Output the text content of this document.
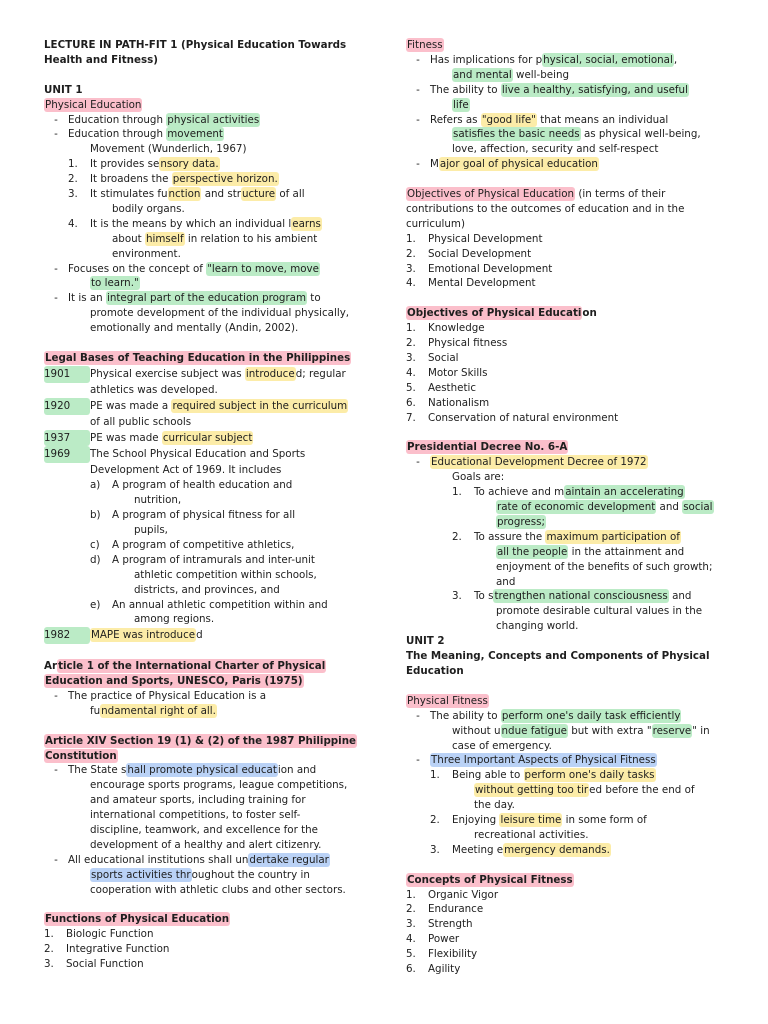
LECTURE IN PATH-FIT 1 (Physical Education Towards
Health and Fitness)
UNIT 1
Physical Education
- Education through physical activities
- Education through movement
Movement (Wunderlich, 1967)
1. It provides sensory data.
2. It broadens the perspective horizon.
3. It stimulates function and structure of all
bodily organs.
4. It is the means by which an individual learns
about himself in relation to his ambient
environment.
- Focuses on the concept of "learn to move, move
to learn."
- It is an integral part of the education program to
promote development of the individual physically,
emotionally and mentally (Andin, 2002).
Legal Bases of Teaching Education in the Philippines
1901 Physical exercise subject was introduced; regular
athletics was developed.
1920 PE was made a required subject in the curriculum
of all public schools
1937 PE was made curricular subject
1969 The School Physical Education and Sports
Development Act of 1969. It includes
a) A program of health education and
nutrition,
b) A program of physical fitness for all
pupils,
c) A program of competitive athletics,
d) A program of intramurals and inter-unit
athletic competition within schools,
districts, and provinces, and
e) An annual athletic competition within and
among regions.
1982 MAPE was introduced
Article 1 of the International Charter of Physical
Education and Sports, UNESCO, Paris (1975)
- The practice of Physical Education is a
fundamental right of all.
Article XIV Section 19 (1) & (2) of the 1987 Philippine
Constitution
- The State shall promote physical education and
encourage sports programs, league competitions,
and amateur sports, including training for
international competitions, to foster self-
discipline, teamwork, and excellence for the
development of a healthy and alert citizenry.
- All educational institutions shall undertake regular
sports activities throughout the country in
cooperation with athletic clubs and other sectors.
Functions of Physical Education
1. Biologic Function
2. Integrative Function
3. Social Function
Fitness
- Has implications for physical, social, emotional,
and mental well-being
- The ability to live a healthy, satisfying, and useful
life
- Refers as "good life" that means an individual
satisfies the basic needs as physical well-being,
love, affection, security and self-respect
- Major goal of physical education
Objectives of Physical Education (in terms of their
contributions to the outcomes of education and in the
curriculum)
1. Physical Development
2. Social Development
3. Emotional Development
4. Mental Development
Objectives of Physical Education
1. Knowledge
2. Physical fitness
3. Social
4. Motor Skills
5. Aesthetic
6. Nationalism
7. Conservation of natural environment
Presidential Decree No. 6-A
- Educational Development Decree of 1972
Goals are:
1. To achieve and maintain an accelerating
rate of economic development and social
progress;
2. To assure the maximum participation of
all the people in the attainment and
enjoyment of the benefits of such growth;
and
3. To strengthen national consciousness and
promote desirable cultural values in the
changing world.
UNIT 2
The Meaning, Concepts and Components of Physical
Education
Physical Fitness
- The ability to perform one's daily task efficiently
without undue fatigue but with extra "reserve" in
case of emergency.
- Three Important Aspects of Physical Fitness
1. Being able to perform one's daily tasks
without getting too tired before the end of
the day.
2. Enjoying leisure time in some form of
recreational activities.
3. Meeting emergency demands.
Concepts of Physical Fitness
1. Organic Vigor
2. Endurance
3. Strength
4. Power
5. Flexibility
6. Agility
